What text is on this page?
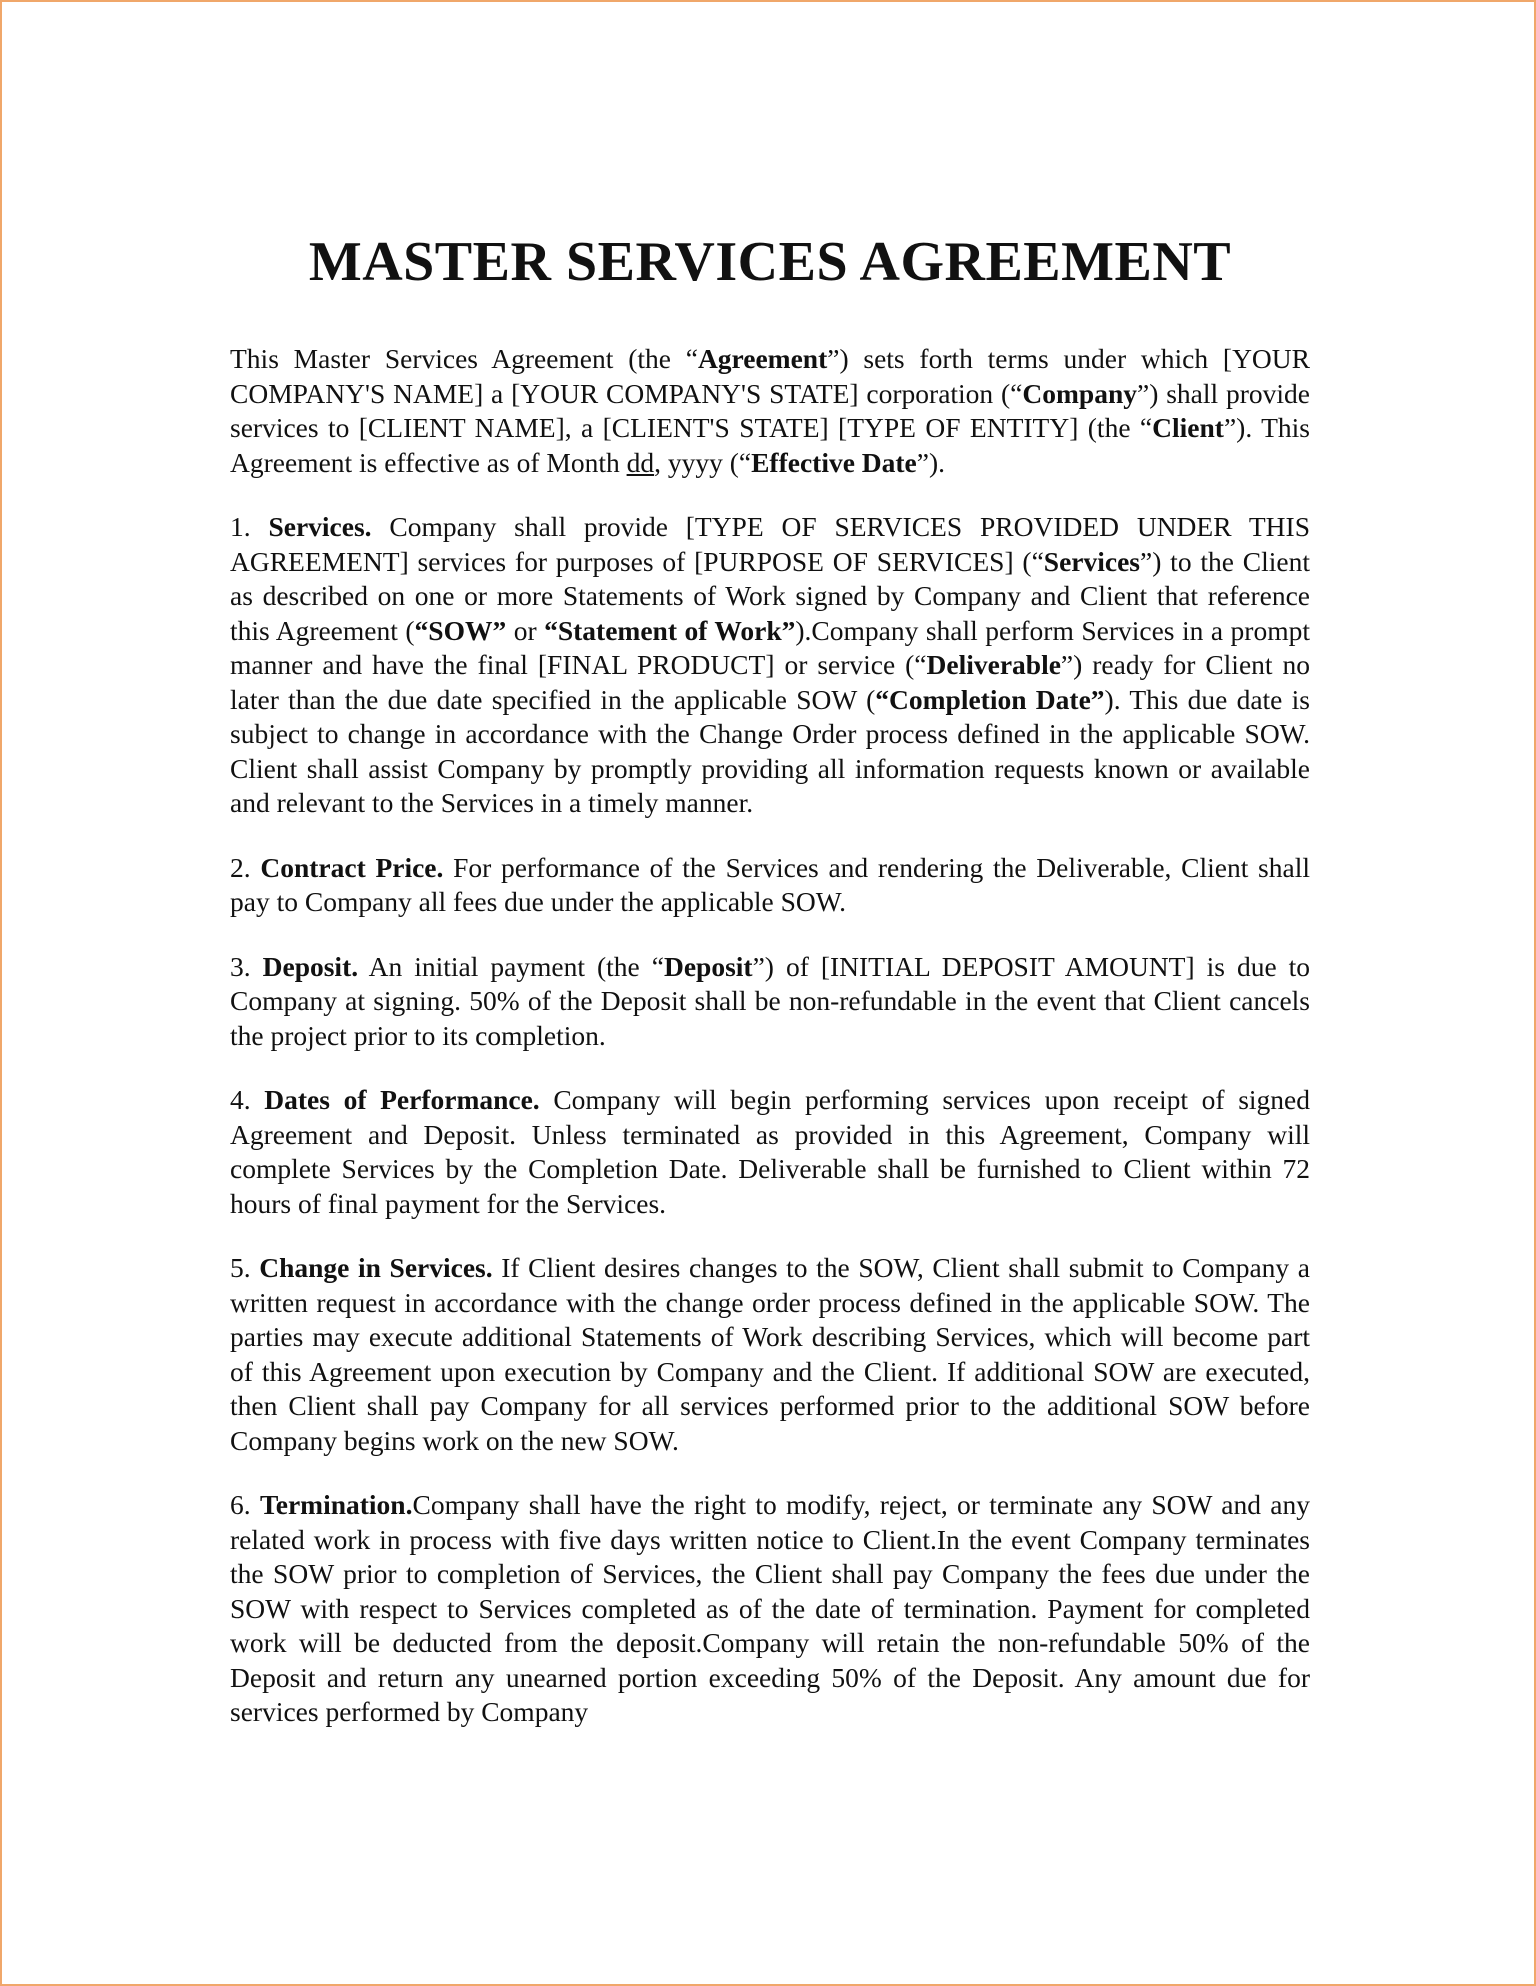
MASTER SERVICES AGREEMENT

This Master Services Agreement (the “Agreement”) sets forth terms under which [YOUR COMPANY'S NAME] a [YOUR COMPANY'S STATE] corporation (“Company”) shall provide services to [CLIENT NAME], a [CLIENT'S STATE] [TYPE OF ENTITY] (the “Client”). This Agreement is effective as of Month dd, yyyy (“Effective Date”).

1. Services. Company shall provide [TYPE OF SERVICES PROVIDED UNDER THIS AGREEMENT] services for purposes of [PURPOSE OF SERVICES] (“Services”) to the Client as described on one or more Statements of Work signed by Company and Client that reference this Agreement (“SOW” or “Statement of Work”).Company shall perform Services in a prompt manner and have the final [FINAL PRODUCT] or service (“Deliverable”) ready for Client no later than the due date specified in the applicable SOW (“Completion Date”). This due date is subject to change in accordance with the Change Order process defined in the applicable SOW. Client shall assist Company by promptly providing all information requests known or available and relevant to the Services in a timely manner.

2. Contract Price. For performance of the Services and rendering the Deliverable, Client shall pay to Company all fees due under the applicable SOW.

3. Deposit. An initial payment (the “Deposit”) of [INITIAL DEPOSIT AMOUNT] is due to Company at signing. 50% of the Deposit shall be non-refundable in the event that Client cancels the project prior to its completion.

4. Dates of Performance. Company will begin performing services upon receipt of signed Agreement and Deposit. Unless terminated as provided in this Agreement, Company will complete Services by the Completion Date. Deliverable shall be furnished to Client within 72 hours of final payment for the Services.

5. Change in Services. If Client desires changes to the SOW, Client shall submit to Company a written request in accordance with the change order process defined in the applicable SOW. The parties may execute additional Statements of Work describing Services, which will become part of this Agreement upon execution by Company and the Client. If additional SOW are executed, then Client shall pay Company for all services performed prior to the additional SOW before Company begins work on the new SOW.

6. Termination.Company shall have the right to modify, reject, or terminate any SOW and any related work in process with five days written notice to Client.In the event Company terminates the SOW prior to completion of Services, the Client shall pay Company the fees due under the SOW with respect to Services completed as of the date of termination. Payment for completed work will be deducted from the deposit.Company will retain the non-refundable 50% of the Deposit and return any unearned portion exceeding 50% of the Deposit. Any amount due for services performed by Company
